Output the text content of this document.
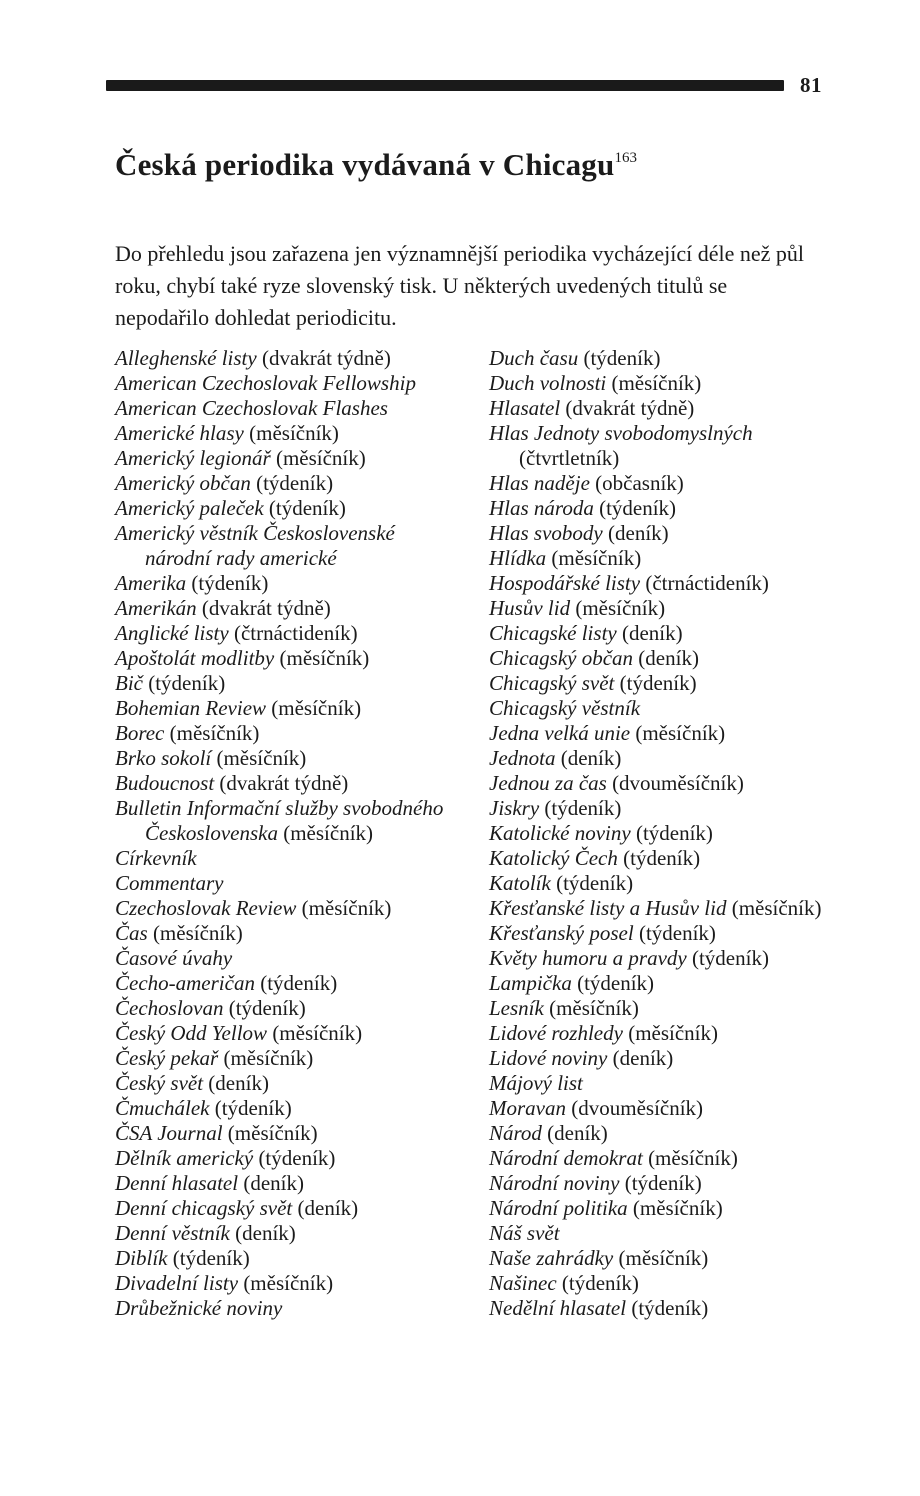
81
Česká periodika vydávaná v Chicagu$^{163}$

Do přehledu jsou zařazena jen významnější periodika vycházející déle než půl roku, chybí také ryze slovenský tisk. U některých uvedených titulů se nepodařilo dohledat periodicitu.

Alleghenské listy (dvakrát týdně)
American Czechoslovak Fellowship
American Czechoslovak Flashes
Americké hlasy (měsíčník)
Americký legionář (měsíčník)
Americký občan (týdeník)
Americký paleček (týdeník)
Americký věstník Československé národní rady americké
Amerika (týdeník)
Amerikán (dvakrát týdně)
Anglické listy (čtrnáctideník)
Apoštolát modlitby (měsíčník)
Bič (týdeník)
Bohemian Review (měsíčník)
Borec (měsíčník)
Brko sokolí (měsíčník)
Budoucnost (dvakrát týdně)
Bulletin Informační služby svobodného Československa (měsíčník)
Církevník
Commentary
Czechoslovak Review (měsíčník)
Čas (měsíčník)
Časové úvahy
Čecho-američan (týdeník)
Čechoslovan (týdeník)
Český Odd Yellow (měsíčník)
Český pekař (měsíčník)
Český svět (deník)
Čmuchálek (týdeník)
ČSA Journal (měsíčník)
Dělník americký (týdeník)
Denní hlasatel (deník)
Denní chicagský svět (deník)
Denní věstník (deník)
Diblík (týdeník)
Divadelní listy (měsíčník)
Drůbežnické noviny
Duch času (týdeník)
Duch volnosti (měsíčník)
Hlasatel (dvakrát týdně)
Hlas Jednoty svobodomyslných (čtvrtletník)
Hlas naděje (občasník)
Hlas národa (týdeník)
Hlas svobody (deník)
Hlídka (měsíčník)
Hospodářské listy (čtrnáctideník)
Husův lid (měsíčník)
Chicagské listy (deník)
Chicagský občan (deník)
Chicagský svět (týdeník)
Chicagský věstník
Jedna velká unie (měsíčník)
Jednota (deník)
Jednou za čas (dvouměsíčník)
Jiskry (týdeník)
Katolické noviny (týdeník)
Katolický Čech (týdeník)
Katolík (týdeník)
Křesťanské listy a Husův lid (měsíčník)
Křesťanský posel (týdeník)
Květy humoru a pravdy (týdeník)
Lampička (týdeník)
Lesník (měsíčník)
Lidové rozhledy (měsíčník)
Lidové noviny (deník)
Májový list
Moravan (dvouměsíčník)
Národ (deník)
Národní demokrat (měsíčník)
Národní noviny (týdeník)
Národní politika (měsíčník)
Náš svět
Naše zahrádky (měsíčník)
Našinec (týdeník)
Nedělní hlasatel (týdeník)
